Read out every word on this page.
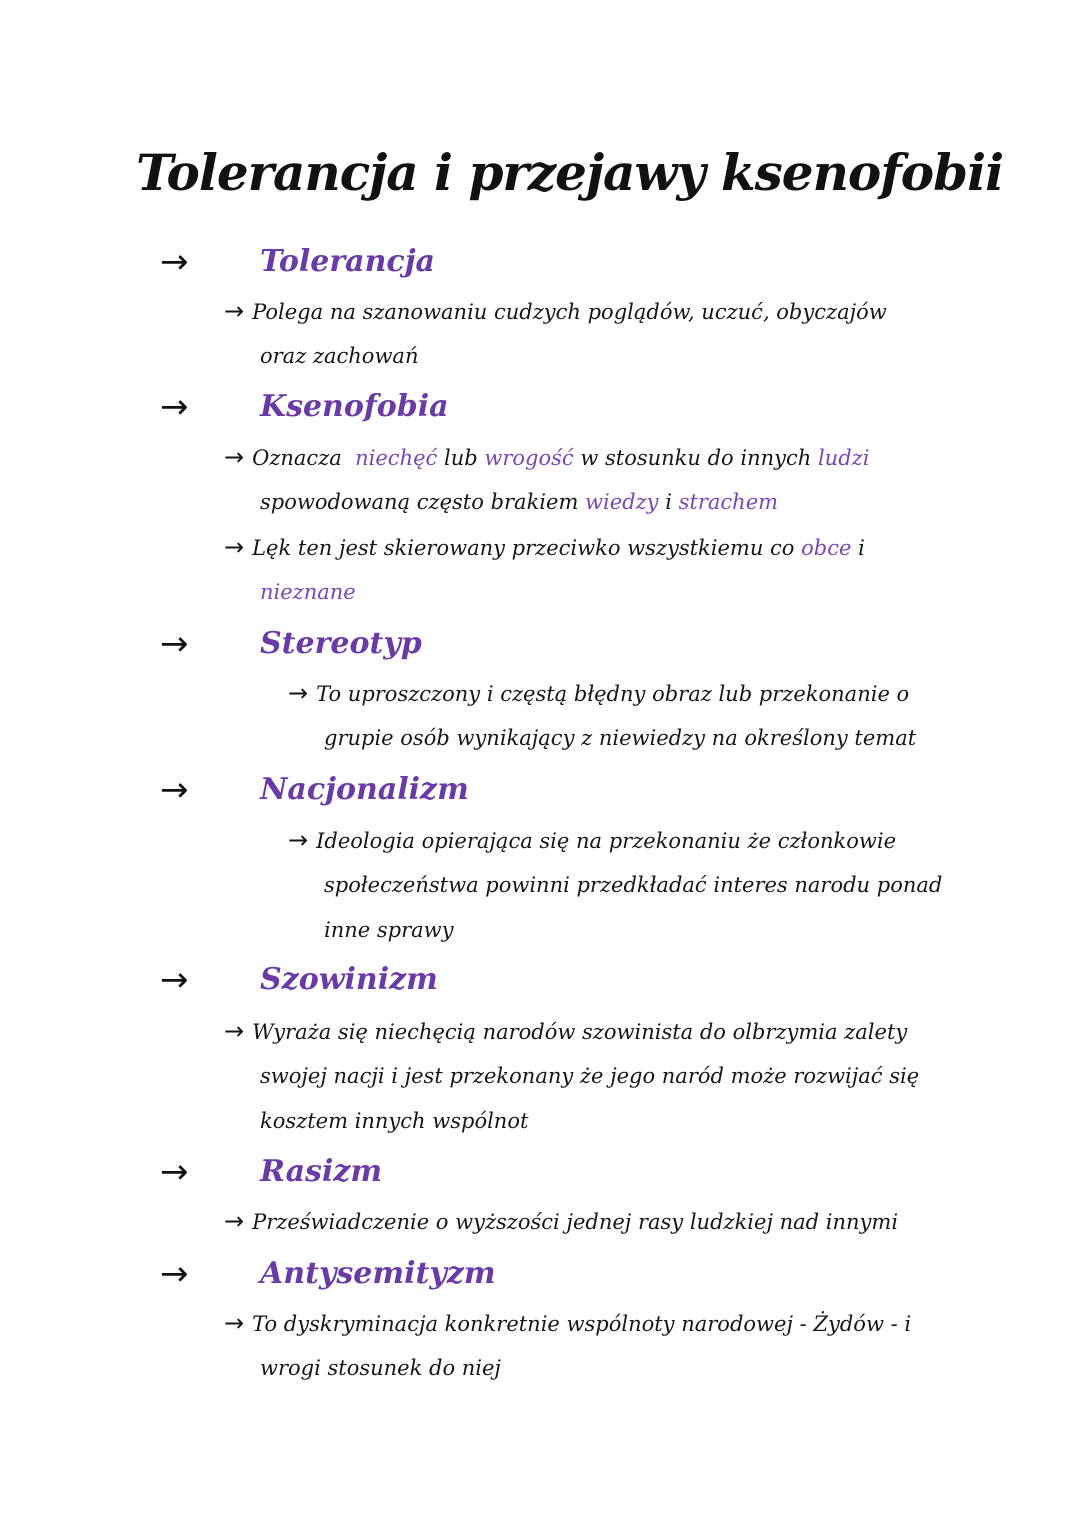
Tolerancja i przejawy ksenofobii
→ Tolerancja
→ Polega na szanowaniu cudzych poglądów, uczuć, obyczajów
oraz zachowań
→ Ksenofobia
→ Oznacza niechęć lub wrogość w stosunku do innych ludzi
spowodowaną często brakiem wiedzy i strachem
→ Lęk ten jest skierowany przeciwko wszystkiemu co obce i
nieznane
→ Stereotyp
→ To uproszczony i częstą błędny obraz lub przekonanie o
grupie osób wynikający z niewiedzy na określony temat
→ Nacjonalizm
→ Ideologia opierająca się na przekonaniu że członkowie
społeczeństwa powinni przedkładać interes narodu ponad
inne sprawy
→ Szowinizm
→ Wyraża się niechęcią narodów szowinista do olbrzymia zalety
swojej nacji i jest przekonany że jego naród może rozwijać się
kosztem innych wspólnot
→ Rasizm
→ Przeświadczenie o wyższości jednej rasy ludzkiej nad innymi
→ Antysemityzm
→ To dyskryminacja konkretnie wspólnoty narodowej - Żydów - i
wrogi stosunek do niej
